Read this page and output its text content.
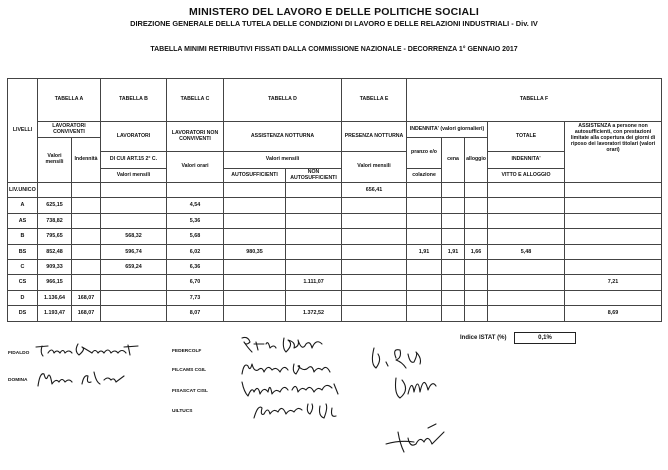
MINISTERO DEL LAVORO E DELLE POLITICHE SOCIALI
DIREZIONE GENERALE DELLA TUTELA DELLE CONDIZIONI DI LAVORO E DELLE RELAZIONI INDUSTRIALI - Div. IV
TABELLA MINIMI RETRIBUTIVI FISSATI DALLA COMMISSIONE NAZIONALE - DECORRENZA 1° GENNAIO 2017
LIVELLI	TABELLA A		TABELLA B	TABELLA C	TABELLA D		TABELLA E	TABELLA F	
	LAVORATORI CONVIVENTI		LAVORATORI	LAVORATORI NON CONVIVENTI	ASSISTENZA NOTTURNA		PRESENZA NOTTURNA	INDENNITA' (valori giornalieri)			TOTALE	ASSISTENZA a persone non autosufficienti, con prestazioni limitate alla copertura dei giorni di riposo dei lavoratori titolari (valori orari)	
	Valori mensili	Indennità						pranzo e/o	cena	alloggio			
			DI CUI ART.15 2° C.	Valori orari	Valori mensili		Valori mensili				INDENNITA'		
			Valori mensili		AUTOSUFFICIENTI	NON AUTOSUFFICIENTI		colazione			VITTO E ALLOGGIO		
LIV.UNICO							656,41						
A	625,15			4,54									
AS	738,82			5,36									
B	795,65		568,32	5,68									
BS	852,48		596,74	6,02	980,35			1,91	1,91	1,66	5,48		
C	909,33		659,24	6,36									
CS	966,15			6,70		1.111,07						7,21	
D	1.136,64	168,07		7,73									
DS	1.193,47	168,07		8,07		1.372,52						8,69	
Indice ISTAT (%)	0,1%
FIDALDO
DOMINA
FEDERCOLF
FILCAMS CGIL
FISASCAT CISL
UILTUCS
